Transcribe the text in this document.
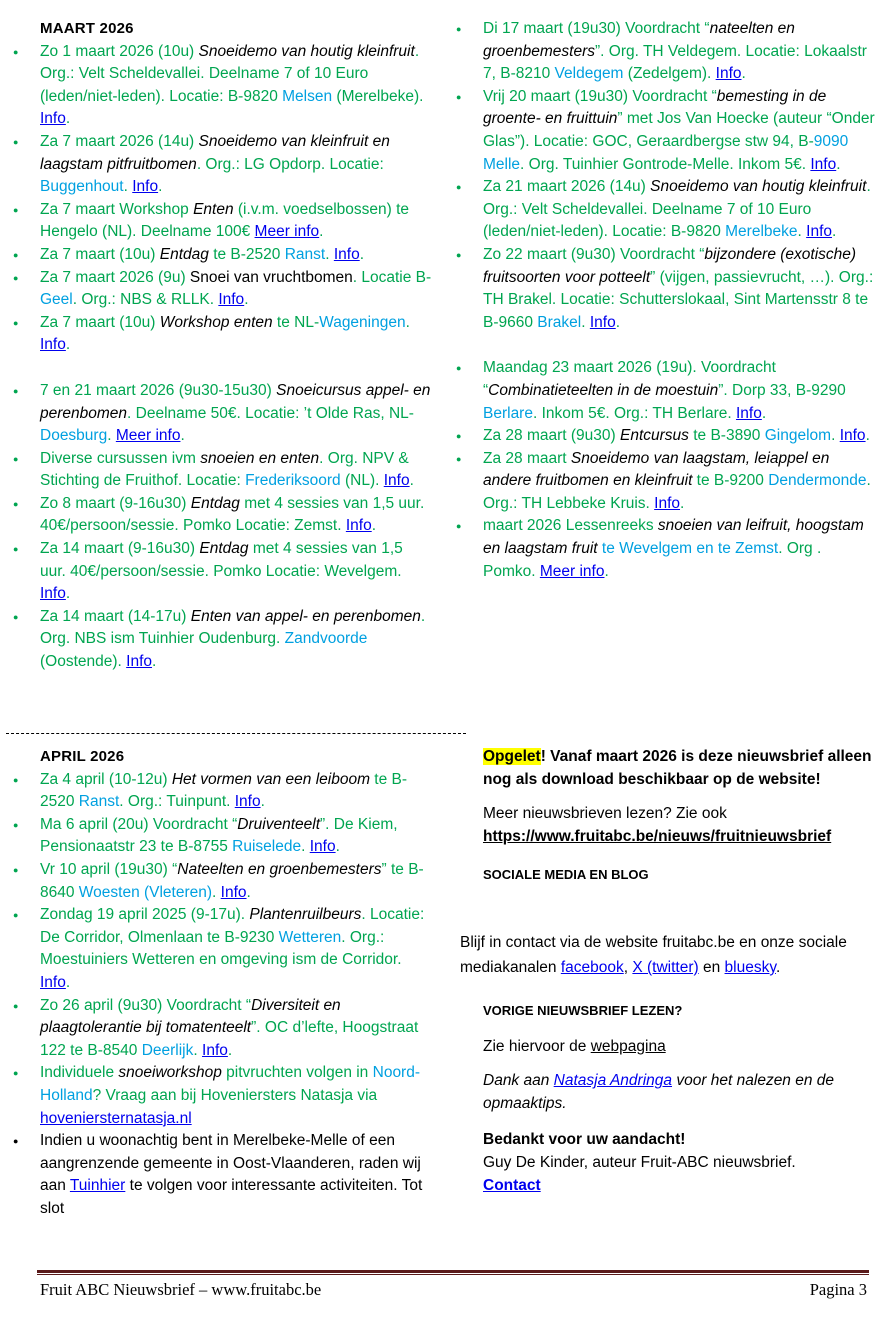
MAART 2026
● Zo 1 maart 2026 (10u) Snoeidemo van houtig kleinfruit. Org.: Velt Scheldevallei. Deelname 7 of 10 Euro (leden/niet-leden). Locatie: B-9820 Melsen (Merelbeke). Info.
● Za 7 maart 2026 (14u) Snoeidemo van kleinfruit en laagstam pitfruitbomen. Org.: LG Opdorp. Locatie: Buggenhout. Info.
● Za 7 maart Workshop Enten (i.v.m. voedselbossen) te Hengelo (NL). Deelname 100€ Meer info.
● Za 7 maart (10u) Entdag te B-2520 Ranst. Info.
● Za 7 maart 2026 (9u) Snoei van vruchtbomen. Locatie B- Geel. Org.: NBS & RLLK. Info.
● Za 7 maart (10u) Workshop enten te NL-Wageningen. Info.
● 7 en 21 maart 2026 (9u30-15u30) Snoeicursus appel- en perenbomen. Deelname 50€. Locatie: ’t Olde Ras, NL-Doesburg. Meer info.
● Diverse cursussen ivm snoeien en enten. Org. NPV & Stichting de Fruithof. Locatie: Frederiksoord (NL). Info.
● Zo 8 maart (9-16u30) Entdag met 4 sessies van 1,5 uur. 40€/persoon/sessie. Pomko Locatie: Zemst. Info.
● Za 14 maart (9-16u30) Entdag met 4 sessies van 1,5 uur. 40€/persoon/sessie. Pomko Locatie: Wevelgem. Info.
● Za 14 maart (14-17u) Enten van appel- en perenbomen. Org. NBS ism Tuinhier Oudenburg. Zandvoorde (Oostende). Info.
APRIL 2026
● Za 4 april (10-12u) Het vormen van een leiboom te B-2520 Ranst. Org.: Tuinpunt. Info.
● Ma 6 april (20u) Voordracht “Druiventeelt”. De Kiem, Pensionaatstr 23 te B-8755 Ruiselede. Info.
● Vr 10 april (19u30) “Nateelten en groenbemesters” te B-8640 Woesten (Vleteren). Info.
● Zondag 19 april 2025 (9-17u). Plantenruilbeurs. Locatie: De Corridor, Olmenlaan te B-9230 Wetteren. Org.: Moestuiniers Wetteren en omgeving ism de Corridor. Info.
● Zo 26 april (9u30) Voordracht “Diversiteit en plaagtolerantie bij tomatenteelt”. OC d’lefte, Hoogstraat 122 te B-8540 Deerlijk. Info.
● Individuele snoeiworkshop pitvruchten volgen in Noord-Holland? Vraag aan bij Hoveniersters Natasja via hoveniersternatasja.nl
● Indien u woonachtig bent in Merelbeke-Melle of een aangrenzende gemeente in Oost-Vlaanderen, raden wij aan Tuinhier te volgen voor interessante activiteiten. Tot slot
● Di 17 maart (19u30) Voordracht “nateelten en groenbemesters”. Org. TH Veldegem. Locatie: Lokaalstr 7, B-8210 Veldegem (Zedelgem). Info.
● Vrij 20 maart (19u30) Voordracht “bemesting in de groente- en fruittuin” met Jos Van Hoecke (auteur “Onder Glas”). Locatie: GOC, Geraardbergse stw 94, B-9090 Melle. Org. Tuinhier Gontrode-Melle. Inkom 5€. Info.
● Za 21 maart 2026 (14u) Snoeidemo van houtig kleinfruit. Org.: Velt Scheldevallei. Deelname 7 of 10 Euro (leden/niet-leden). Locatie: B-9820 Merelbeke. Info.
● Zo 22 maart (9u30) Voordracht “bijzondere (exotische) fruitsoorten voor potteelt” (vijgen, passievrucht, …). Org.: TH Brakel. Locatie: Schutterslokaal, Sint Martensstr 8 te B-9660 Brakel. Info.
● Maandag 23 maart 2026 (19u). Voordracht “Combinatieteelten in de moestuin”. Dorp 33, B-9290 Berlare. Inkom 5€. Org.: TH Berlare. Info.
● Za 28 maart (9u30) Entcursus te B-3890 Gingelom. Info.
● Za 28 maart Snoeidemo van laagstam, leiappel en andere fruitbomen en kleinfruit te B-9200 Dendermonde. Org.: TH Lebbeke Kruis. Info.
● maart 2026 Lessenreeks snoeien van leifruit, hoogstam en laagstam fruit te Wevelgem en te Zemst. Org . Pomko. Meer info.

Opgelet! Vanaf maart 2026 is deze nieuwsbrief alleen nog als download beschikbaar op de website!

Meer nieuwsbrieven lezen? Zie ook
https://www.fruitabc.be/nieuws/fruitnieuwsbrief

SOCIALE MEDIA EN BLOG

Blijf in contact via de website fruitabc.be en onze sociale mediakanalen facebook, X (twitter) en bluesky.

VORIGE NIEUWSBRIEF LEZEN?

Zie hiervoor de webpagina

Dank aan Natasja Andringa voor het nalezen en de opmaaktips.

Bedankt voor uw aandacht!

Guy De Kinder, auteur Fruit-ABC nieuwsbrief.

Contact

Fruit ABC Nieuwsbrief – www.fruitabc.be	Pagina 3
